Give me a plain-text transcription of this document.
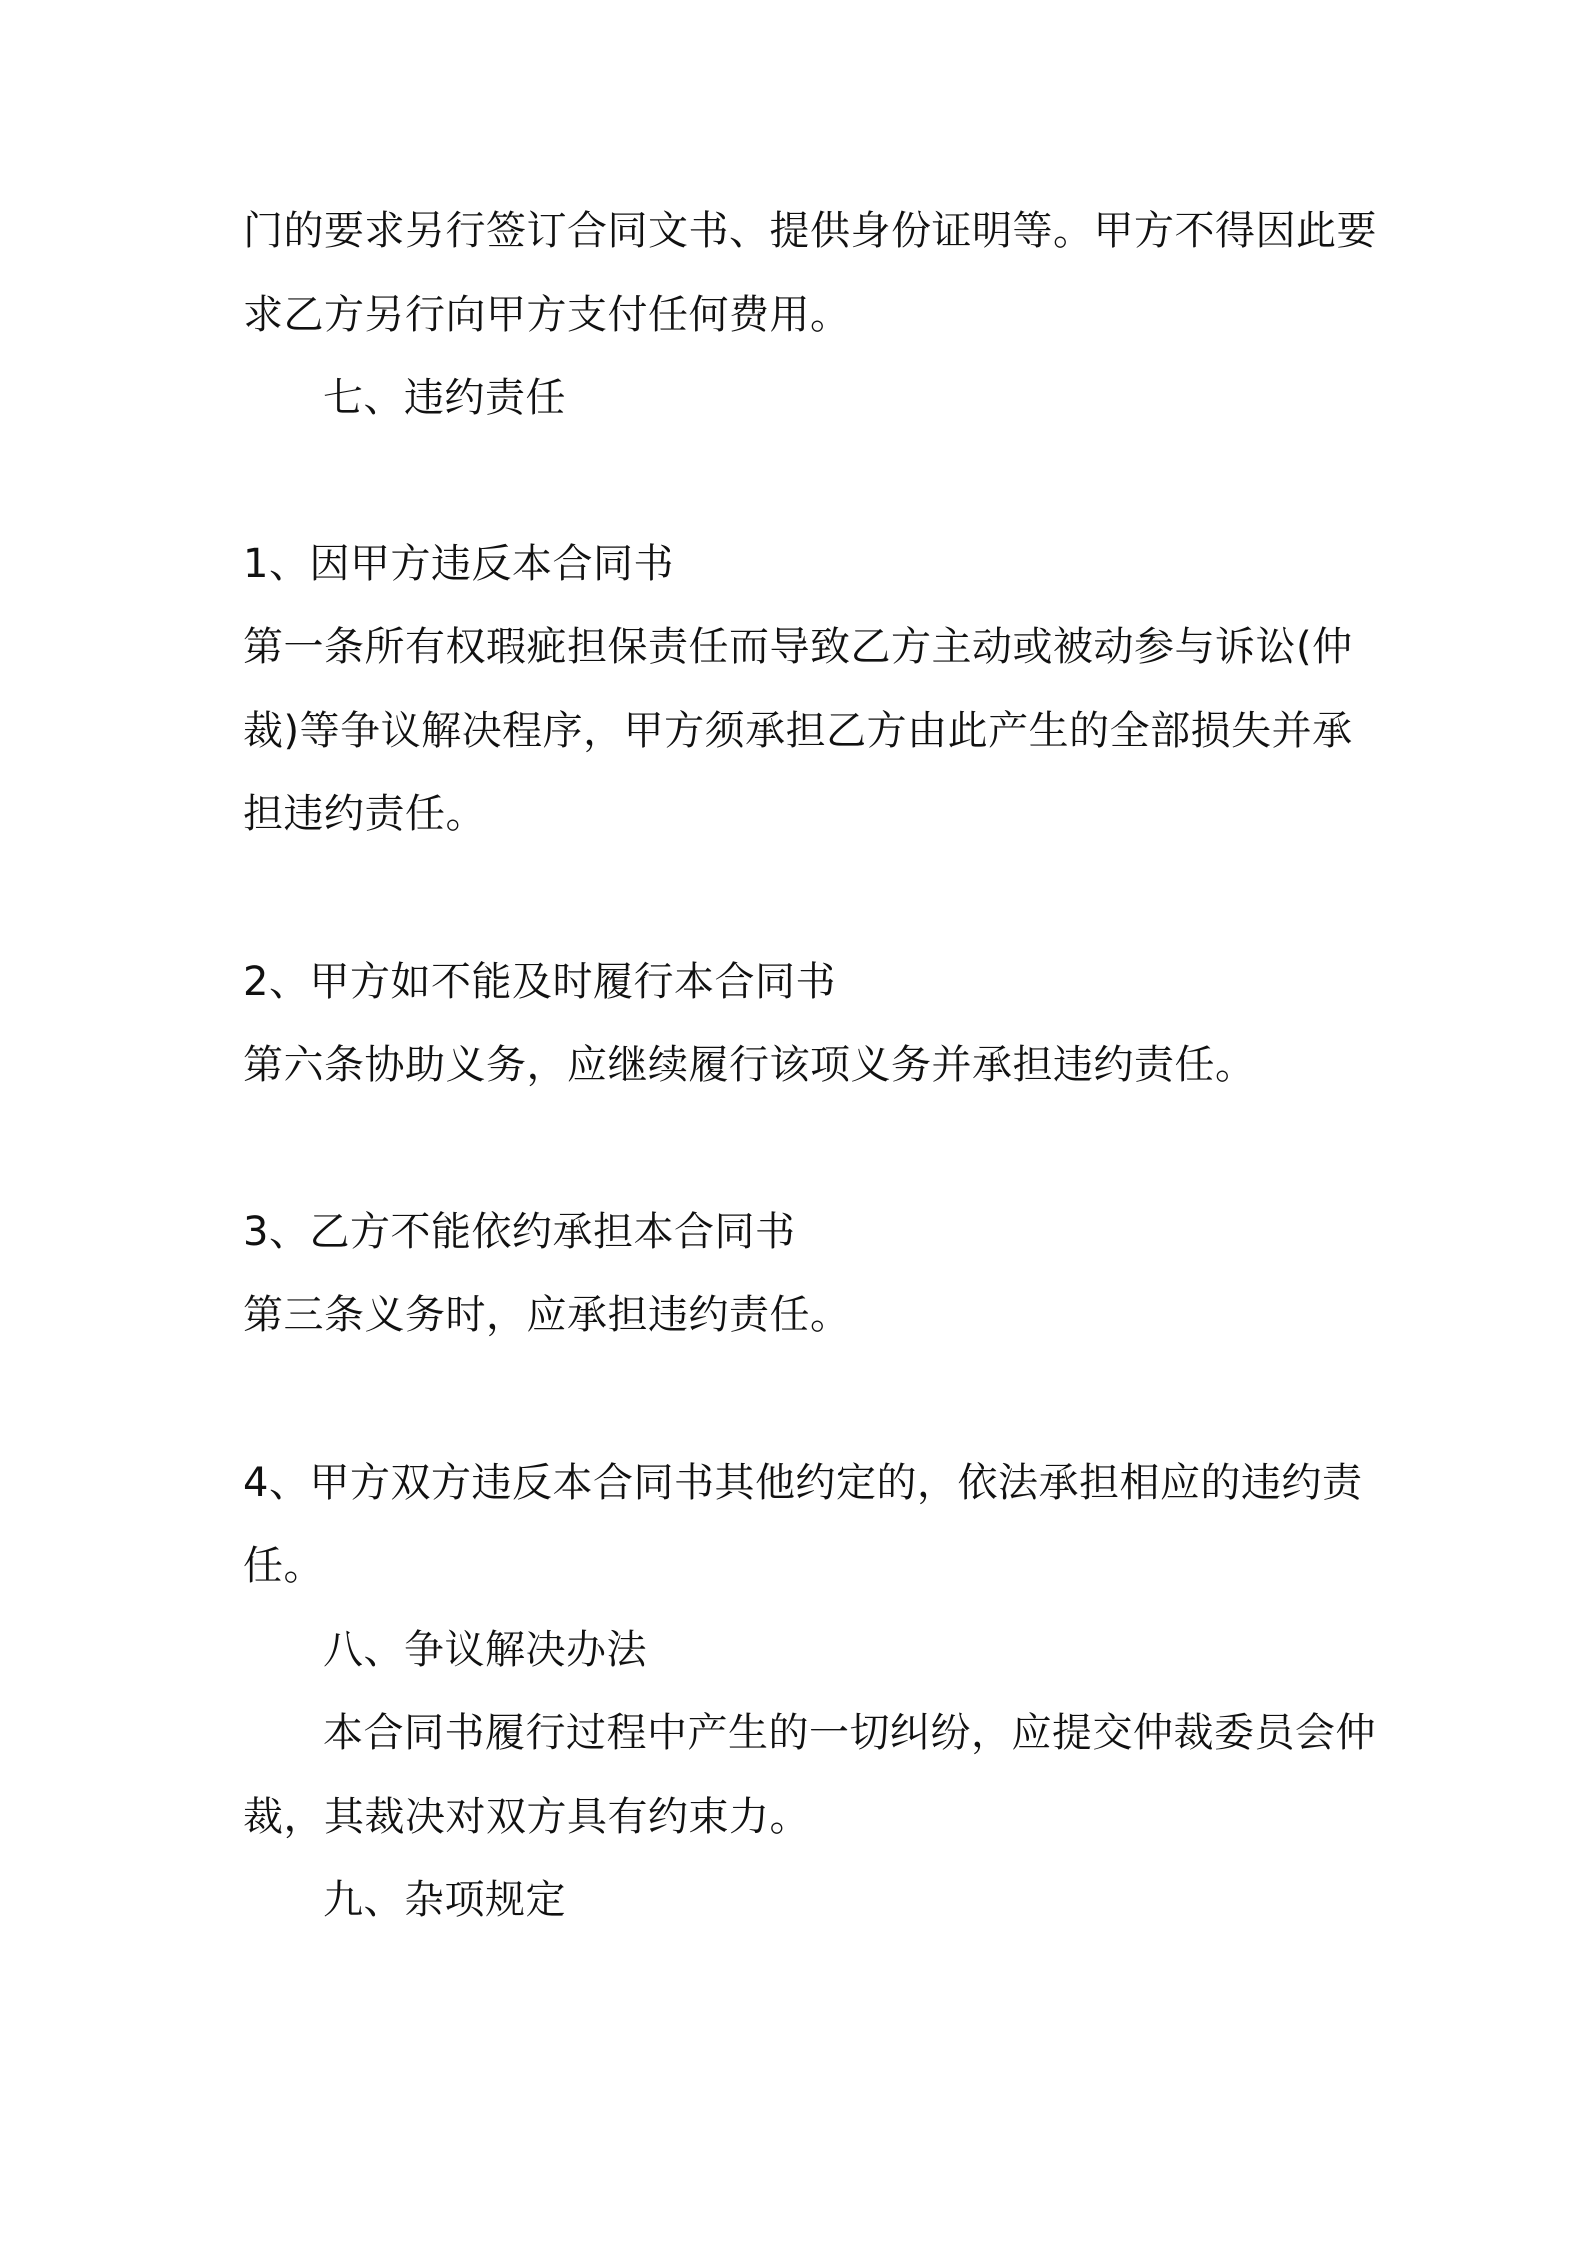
门的要求另行签订合同文书、提供身份证明等。甲方不得因此要
求乙方另行向甲方支付任何费用。
七、违约责任
1、因甲方违反本合同书
第一条所有权瑕疵担保责任而导致乙方主动或被动参与诉讼(仲
裁)等争议解决程序，甲方须承担乙方由此产生的全部损失并承
担违约责任。
2、甲方如不能及时履行本合同书
第六条协助义务，应继续履行该项义务并承担违约责任。
3、乙方不能依约承担本合同书
第三条义务时，应承担违约责任。
4、甲方双方违反本合同书其他约定的，依法承担相应的违约责
任。
八、争议解决办法
本合同书履行过程中产生的一切纠纷，应提交仲裁委员会仲
裁，其裁决对双方具有约束力。
九、杂项规定
